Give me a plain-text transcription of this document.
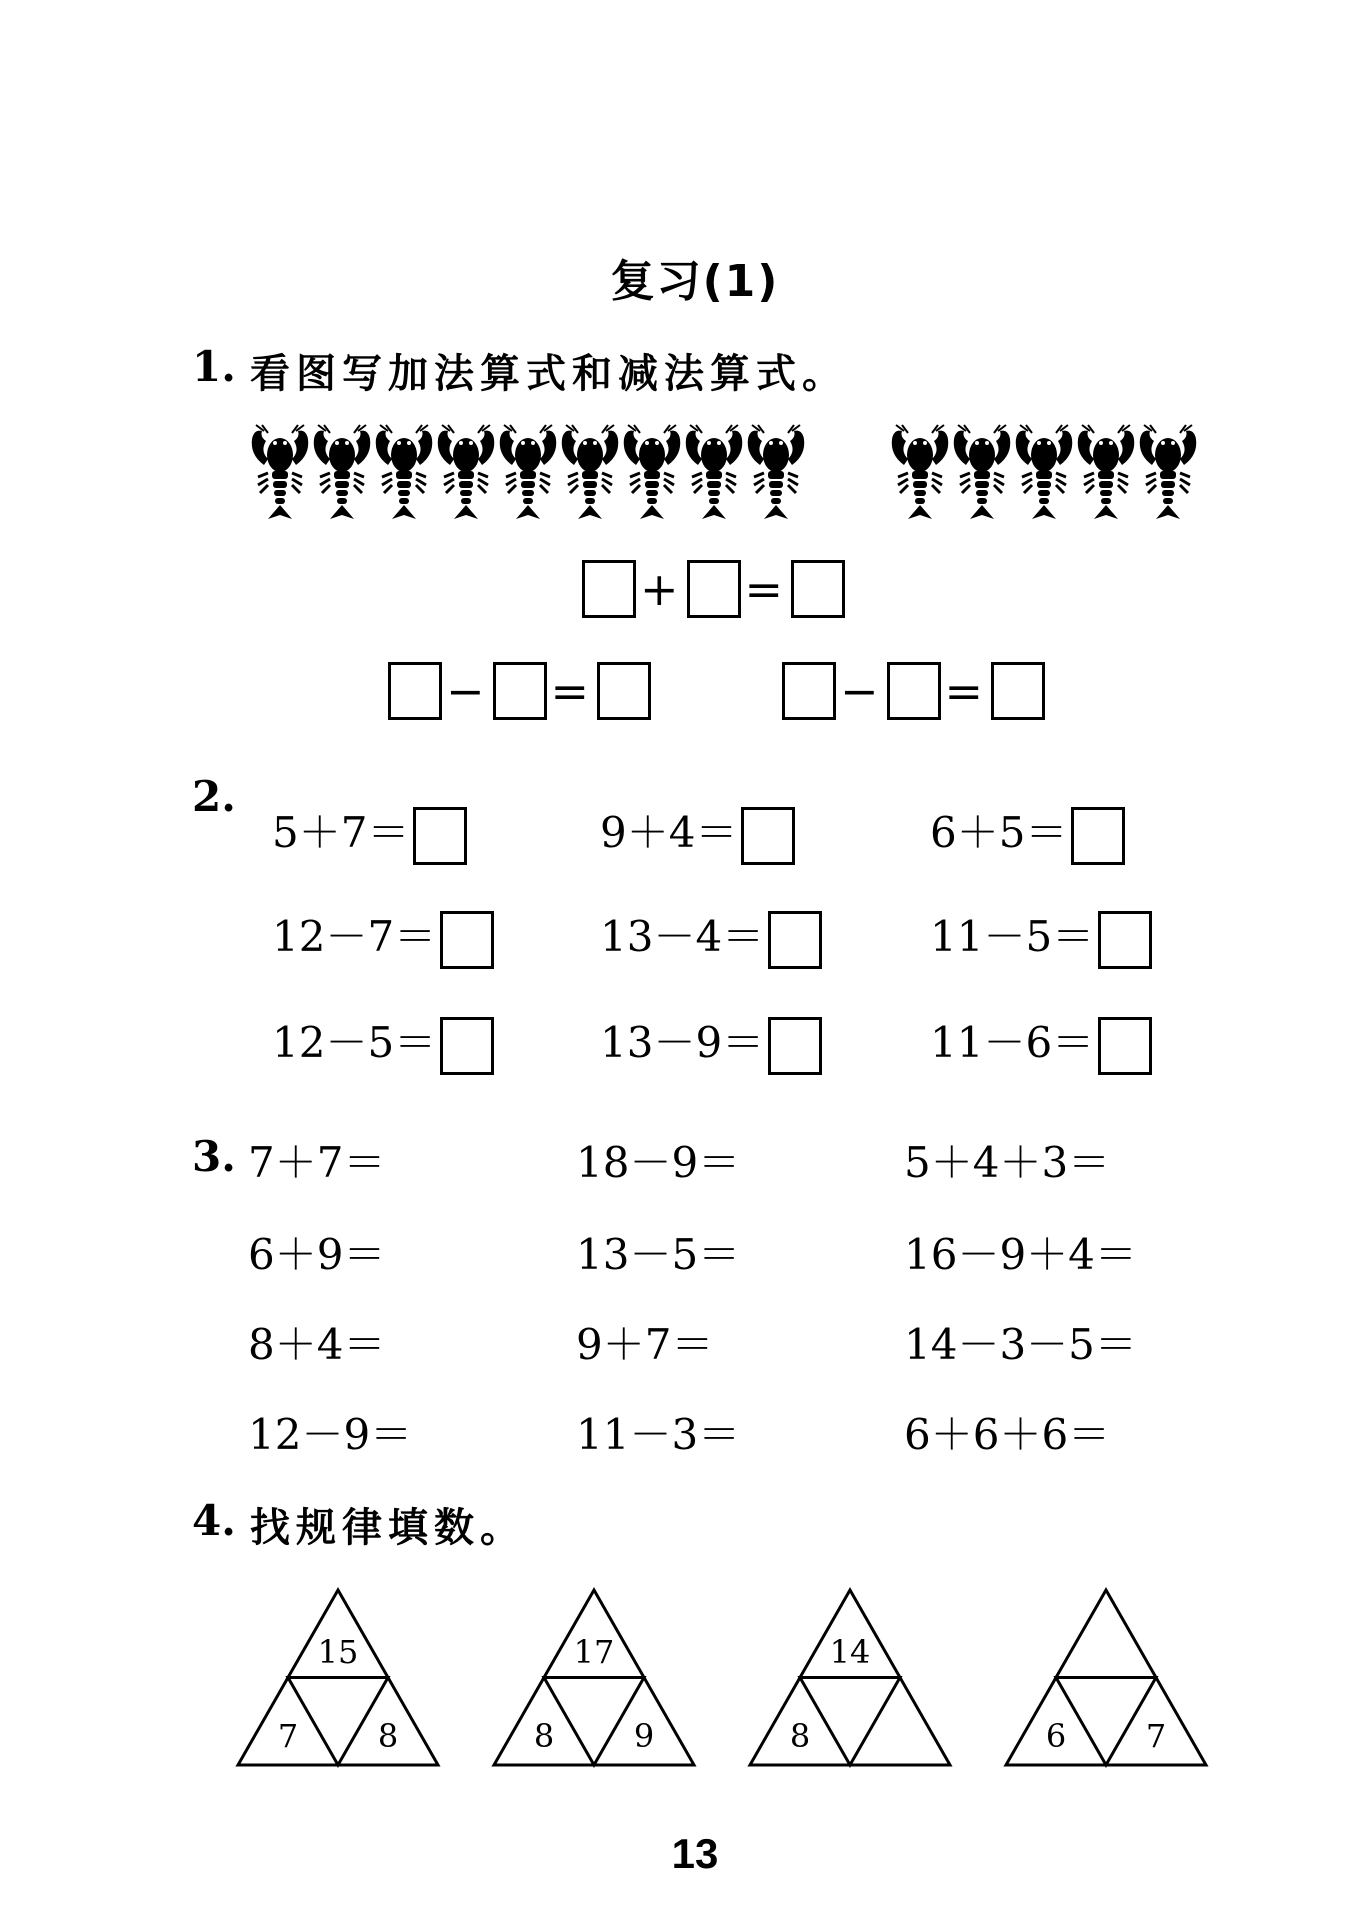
复习(1)
1. 看图写加法算式和减法算式。
+ =
− =	− =
2.
5＋7＝	9＋4＝	6＋5＝
12－7＝	13－4＝	11－5＝
12－5＝	13－9＝	11－6＝
3. 7＋7＝	18－9＝	5＋4＋3＝
6＋9＝	13－5＝	16－9＋4＝
8＋4＝	9＋7＝	14－3－5＝
12－9＝	11－3＝	6＋6＋6＝
4. 找规律填数。
15
7 8
17
8 9
14
8	6 7
13
